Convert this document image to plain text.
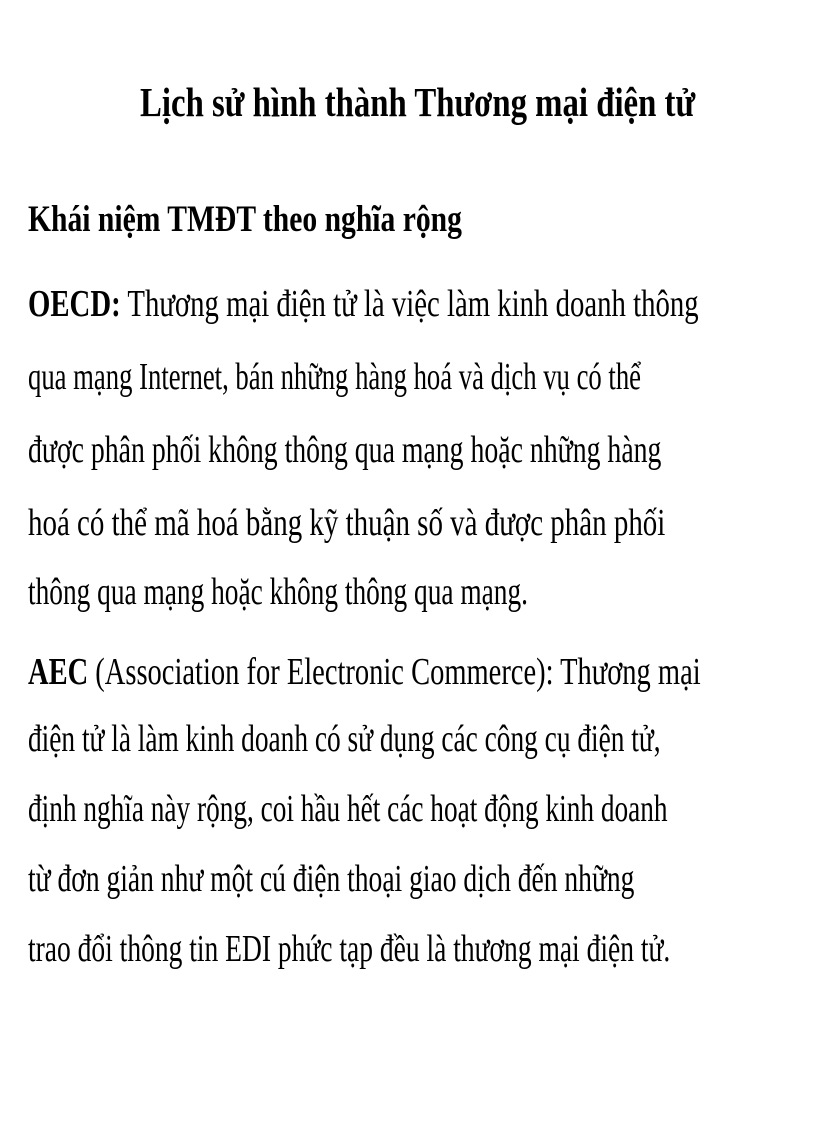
Lịch sử hình thành Thương mại điện tử
Khái niệm TMĐT theo nghĩa rộng

OECD: Thương mại điện tử là việc làm kinh doanh thông

qua mạng Internet, bán những hàng hoá và dịch vụ có thể

được phân phối không thông qua mạng hoặc những hàng

hoá có thể mã hoá bằng kỹ thuận số và được phân phối

thông qua mạng hoặc không thông qua mạng.

AEC (Association for Electronic Commerce): Thương mại

điện tử là làm kinh doanh có sử dụng các công cụ điện tử,

định nghĩa này rộng, coi hầu hết các hoạt động kinh doanh

từ đơn giản như một cú điện thoại giao dịch đến những

trao đổi thông tin EDI phức tạp đều là thương mại điện tử.
